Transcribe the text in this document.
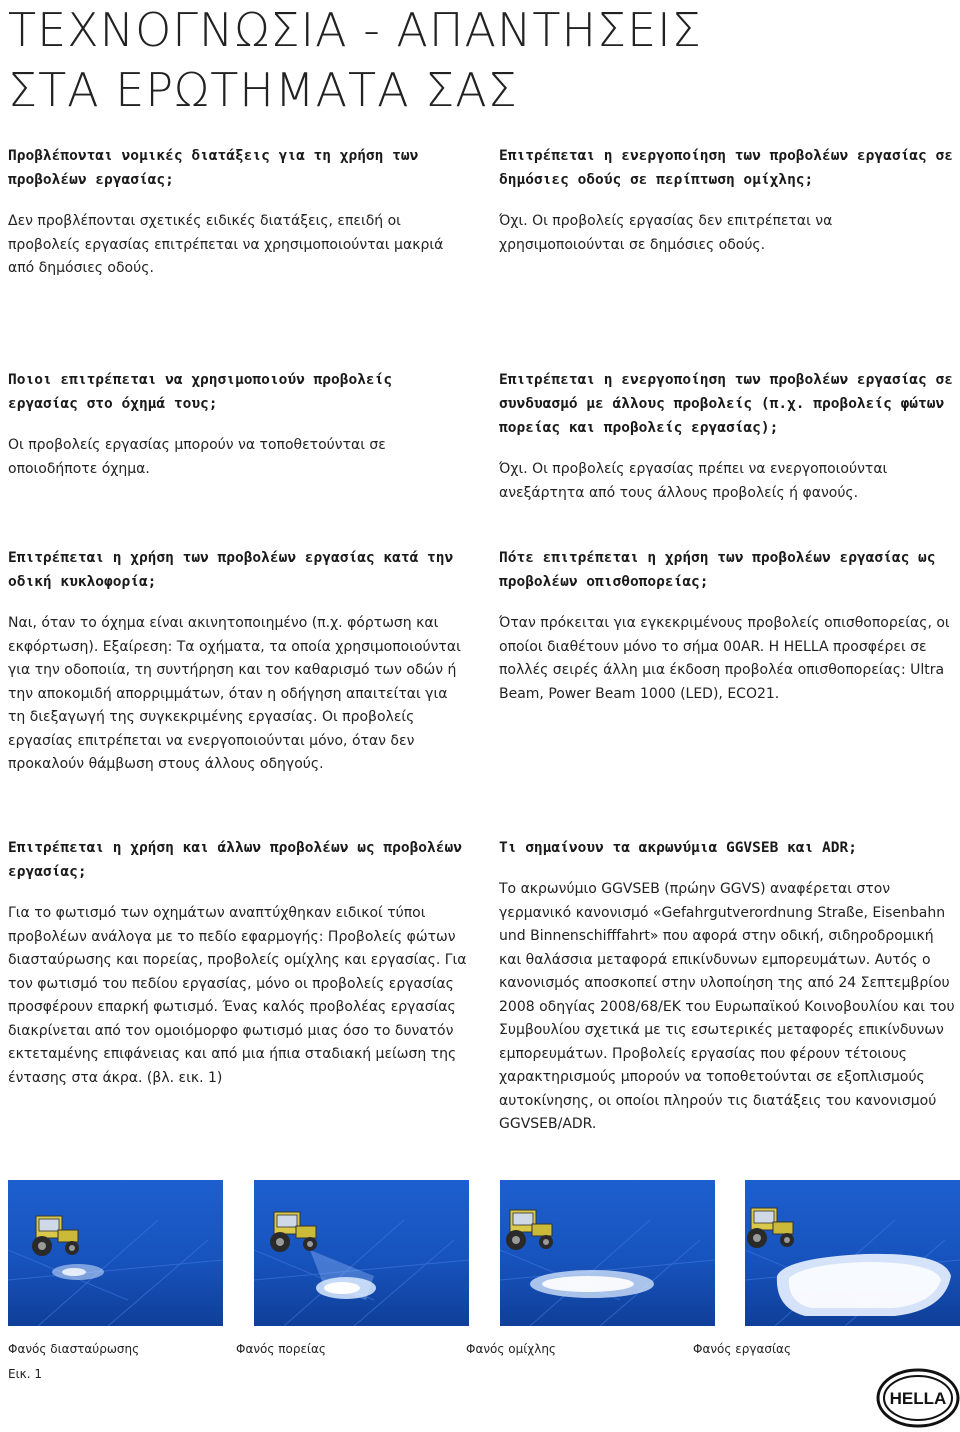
ΤΕΧΝΟΓΝΩΣΙΑ - ΑΠΑΝΤΗΣΕΙΣ
ΣΤΑ ΕΡΩΤΗΜΑΤΑ ΣΑΣ

Προβλέπονται νομικές διατάξεις για τη χρήση των προβολέων εργασίας;

Δεν προβλέπονται σχετικές ειδικές διατάξεις, επειδή οι προβολείς εργασίας επιτρέπεται να χρησιμοποιούνται μακριά από δημόσιες οδούς.

Επιτρέπεται η ενεργοποίηση των προβολέων εργασίας σε δημόσιες οδούς σε περίπτωση ομίχλης;

Όχι. Οι προβολείς εργασίας δεν επιτρέπεται να χρησιμοποιούνται σε δημόσιες οδούς.

Ποιοι επιτρέπεται να χρησιμοποιούν προβολείς εργασίας στο όχημά τους;

Οι προβολείς εργασίας μπορούν να τοποθετούνται σε οποιοδήποτε όχημα.

Επιτρέπεται η ενεργοποίηση των προβολέων εργασίας σε συνδυασμό με άλλους προβολείς (π.χ. προβολείς φώτων πορείας και προβολείς εργασίας);

Όχι. Οι προβολείς εργασίας πρέπει να ενεργοποιούνται ανεξάρτητα από τους άλλους προβολείς ή φανούς.

Επιτρέπεται η χρήση των προβολέων εργασίας κατά την οδική κυκλοφορία;

Ναι, όταν το όχημα είναι ακινητοποιημένο (π.χ. φόρτωση και εκφόρτωση). Εξαίρεση: Τα οχήματα, τα οποία χρησιμοποιούνται για την οδοποιία, τη συντήρηση και τον καθαρισμό των οδών ή την αποκομιδή απορριμμάτων, όταν η οδήγηση απαιτείται για τη διεξαγωγή της συγκεκριμένης εργασίας. Οι προβολείς εργασίας επιτρέπεται να ενεργοποιούνται μόνο, όταν δεν προκαλούν θάμβωση στους άλλους οδηγούς.

Πότε επιτρέπεται η χρήση των προβολέων εργασίας ως προβολέων οπισθοπορείας;

Όταν πρόκειται για εγκεκριμένους προβολείς οπισθοπορείας, οι οποίοι διαθέτουν μόνο το σήμα 00AR. Η HELLA προσφέρει σε πολλές σειρές άλλη μια έκδοση προβολέα οπισθοπορείας: Ultra Beam, Power Beam 1000 (LED), ECO21.

Επιτρέπεται η χρήση και άλλων προβολέων ως προβολέων εργασίας;

Για το φωτισμό των οχημάτων αναπτύχθηκαν ειδικοί τύποι προβολέων ανάλογα με το πεδίο εφαρμογής: Προβολείς φώτων διασταύρωσης και πορείας, προβολείς ομίχλης και εργασίας. Για τον φωτισμό του πεδίου εργασίας, μόνο οι προβολείς εργασίας προσφέρουν επαρκή φωτισμό. Ένας καλός προβολέας εργασίας διακρίνεται από τον ομοιόμορφο φωτισμό μιας όσο το δυνατόν εκτεταμένης επιφάνειας και από μια ήπια σταδιακή μείωση της έντασης στα άκρα. (βλ. εικ. 1)

Τι σημαίνουν τα ακρωνύμια GGVSEB και ADR;

Το ακρωνύμιο GGVSEB (πρώην GGVS) αναφέρεται στον γερμανικό κανονισμό «Gefahrgutverordnung Straße, Eisenbahn und Binnenschifffahrt» που αφορά στην οδική, σιδηροδρομική και θαλάσσια μεταφορά επικίνδυνων εμπορευμάτων. Αυτός ο κανονισμός αποσκοπεί στην υλοποίηση της από 24 Σεπτεμβρίου 2008 οδηγίας 2008/68/ΕΚ του Ευρωπαϊκού Κοινοβουλίου και του Συμβουλίου σχετικά με τις εσωτερικές μεταφορές επικίνδυνων εμπορευμάτων. Προβολείς εργασίας που φέρουν τέτοιους χαρακτηρισμούς μπορούν να τοποθετούνται σε εξοπλισμούς αυτοκίνησης, οι οποίοι πληρούν τις διατάξεις του κανονισμού GGVSEB/ADR.

Φανός διασταύρωσης	Φανός πορείας	Φανός ομίχλης	Φανός εργασίας
Εικ. 1
HELLA
